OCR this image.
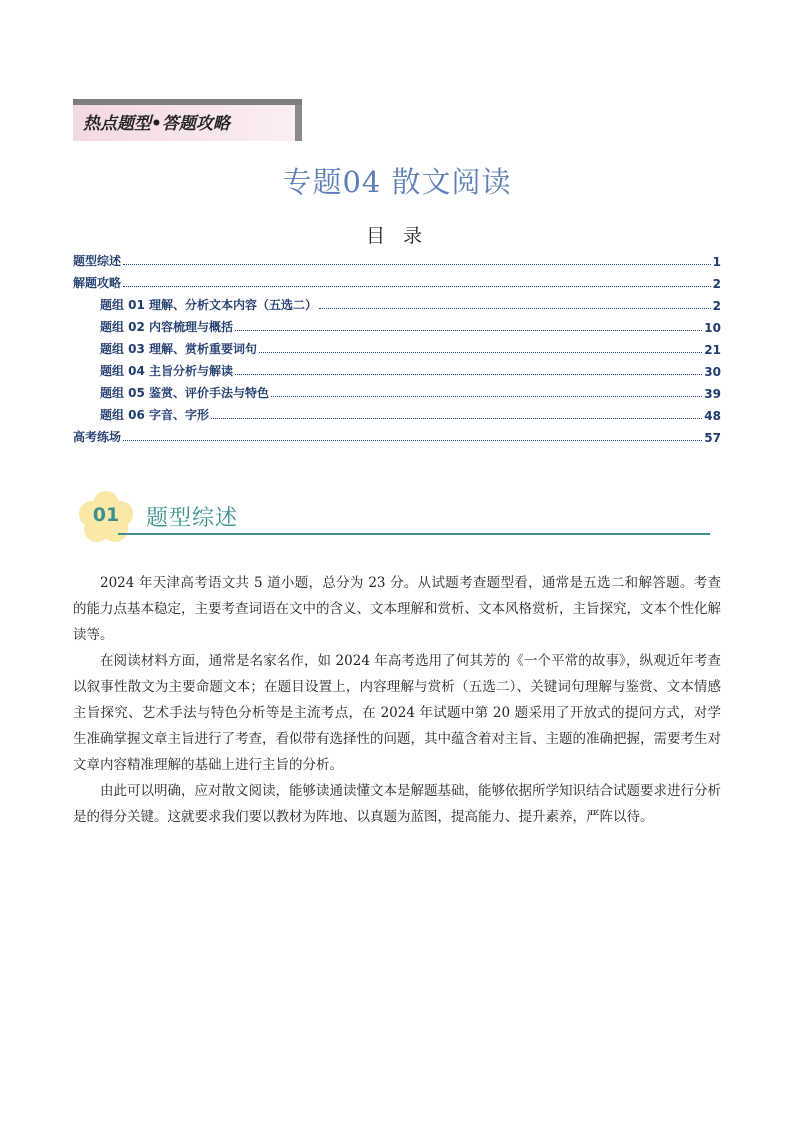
热点题型•答题攻略
专题04 散文阅读
目 录
题型综述	1
解题攻略	2
题组 01 理解、分析文本内容（五选二）	2
题组 02 内容梳理与概括	10
题组 03 理解、赏析重要词句	21
题组 04 主旨分析与解读	30
题组 05 鉴赏、评价手法与特色	39
题组 06 字音、字形	48
高考练场	57
01	题型综述

2024 年天津高考语文共 5 道小题，总分为 23 分。从试题考查题型看，通常是五选二和解答题。考查的能力点基本稳定，主要考查词语在文中的含义、文本理解和赏析、文本风格赏析，主旨探究，文本个性化解读等。

在阅读材料方面，通常是名家名作，如 2024 年高考选用了何其芳的《一个平常的故事》，纵观近年考查以叙事性散文为主要命题文本；在题目设置上，内容理解与赏析（五选二）、关键词句理解与鉴赏、文本情感主旨探究、艺术手法与特色分析等是主流考点，在 2024 年试题中第 20 题采用了开放式的提问方式，对学生准确掌握文章主旨进行了考查，看似带有选择性的问题，其中蕴含着对主旨、主题的准确把握，需要考生对文章内容精准理解的基础上进行主旨的分析。

由此可以明确，应对散文阅读，能够读通读懂文本是解题基础，能够依据所学知识结合试题要求进行分析是的得分关键。这就要求我们要以教材为阵地、以真题为蓝图，提高能力、提升素养，严阵以待。
